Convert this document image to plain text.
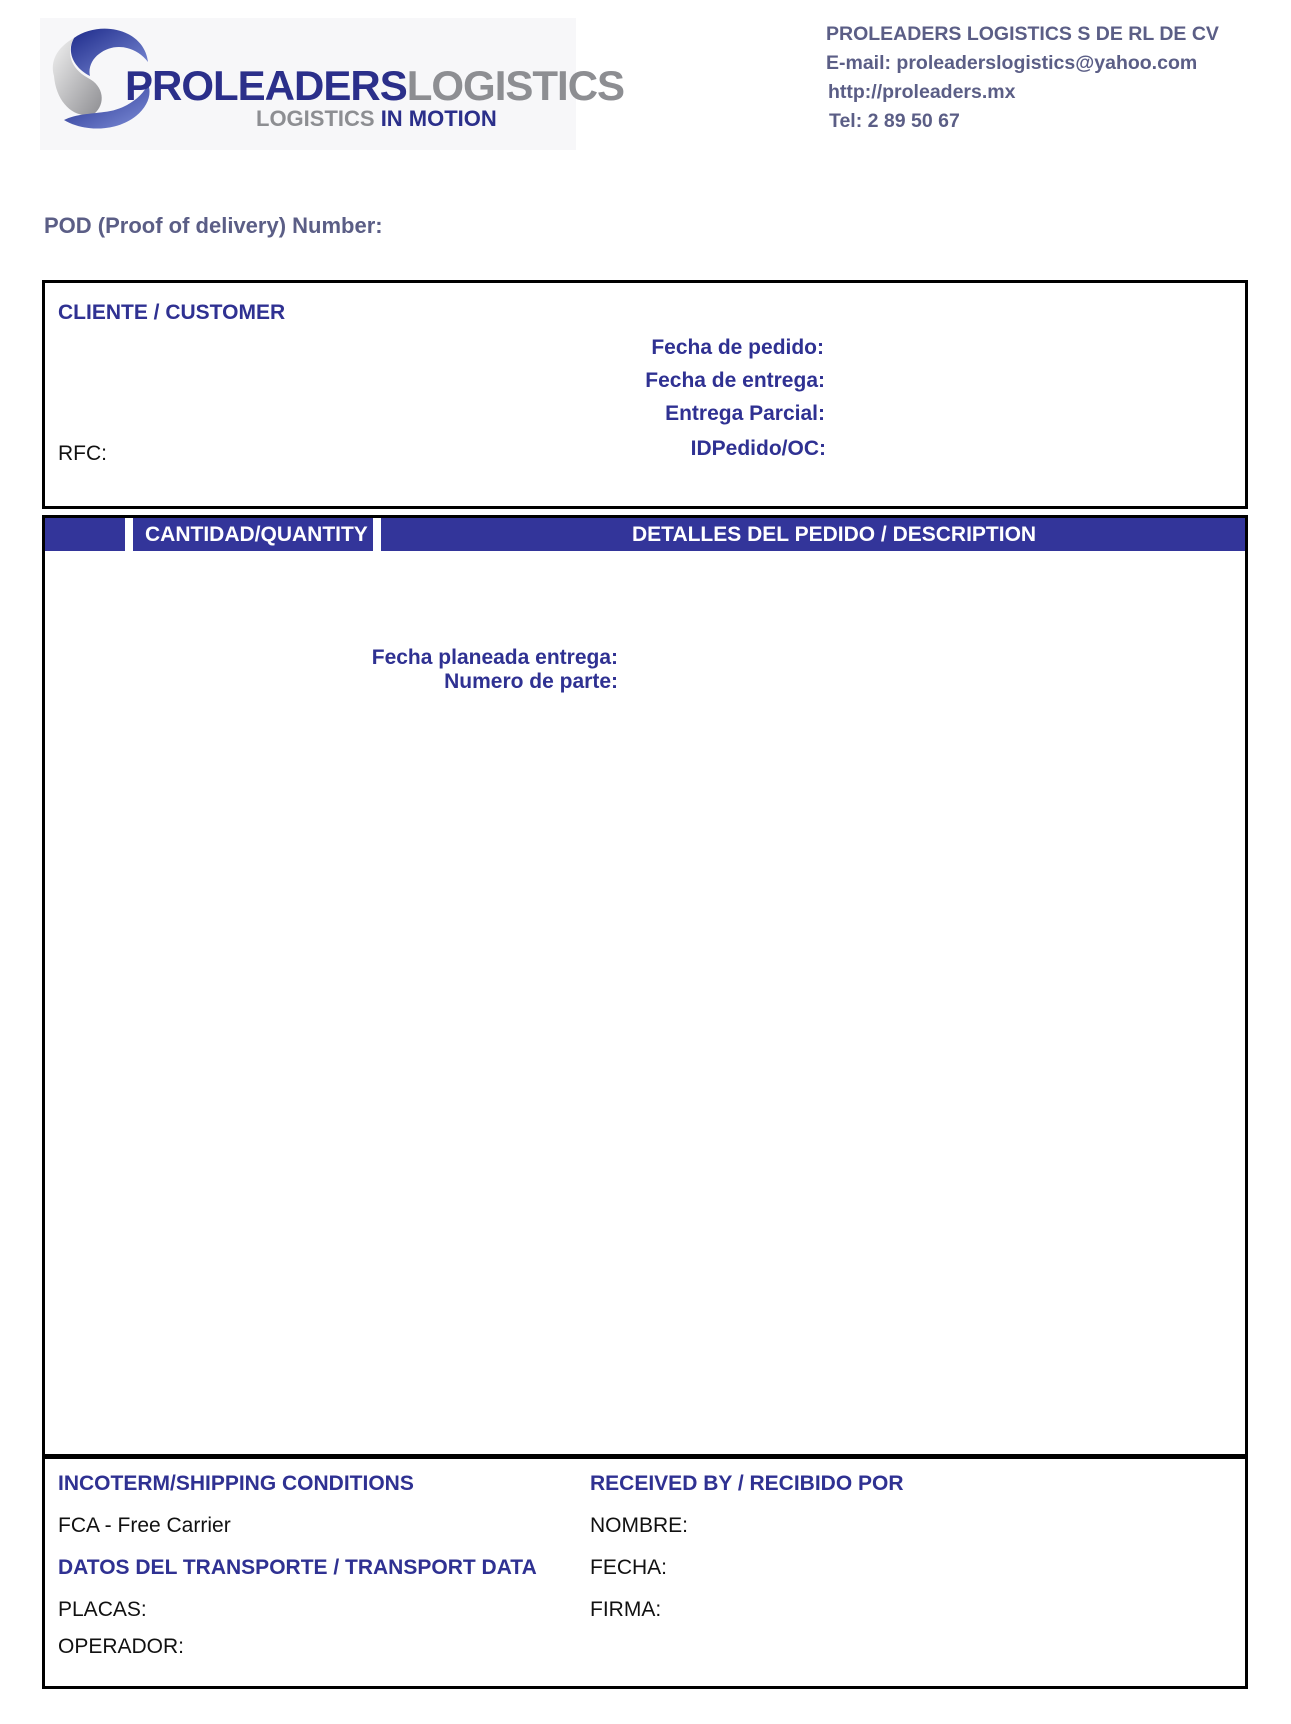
PROLEADERSLOGISTICS
LOGISTICS IN MOTION
PROLEADERS LOGISTICS S DE RL DE CV
E-mail: proleaderslogistics@yahoo.com
http://proleaders.mx
Tel: 2 89 50 67
POD (Proof of delivery) Number:
CLIENTE / CUSTOMER
Fecha de pedido:
Fecha de entrega:
Entrega Parcial:
IDPedido/OC:
RFC:
CANTIDAD/QUANTITY	DETALLES DEL PEDIDO / DESCRIPTION
Fecha planeada entrega:
Numero de parte:
INCOTERM/SHIPPING CONDITIONS
FCA - Free Carrier
DATOS DEL TRANSPORTE / TRANSPORT DATA
PLACAS:
OPERADOR:
RECEIVED BY / RECIBIDO POR
NOMBRE:
FECHA:
FIRMA:
